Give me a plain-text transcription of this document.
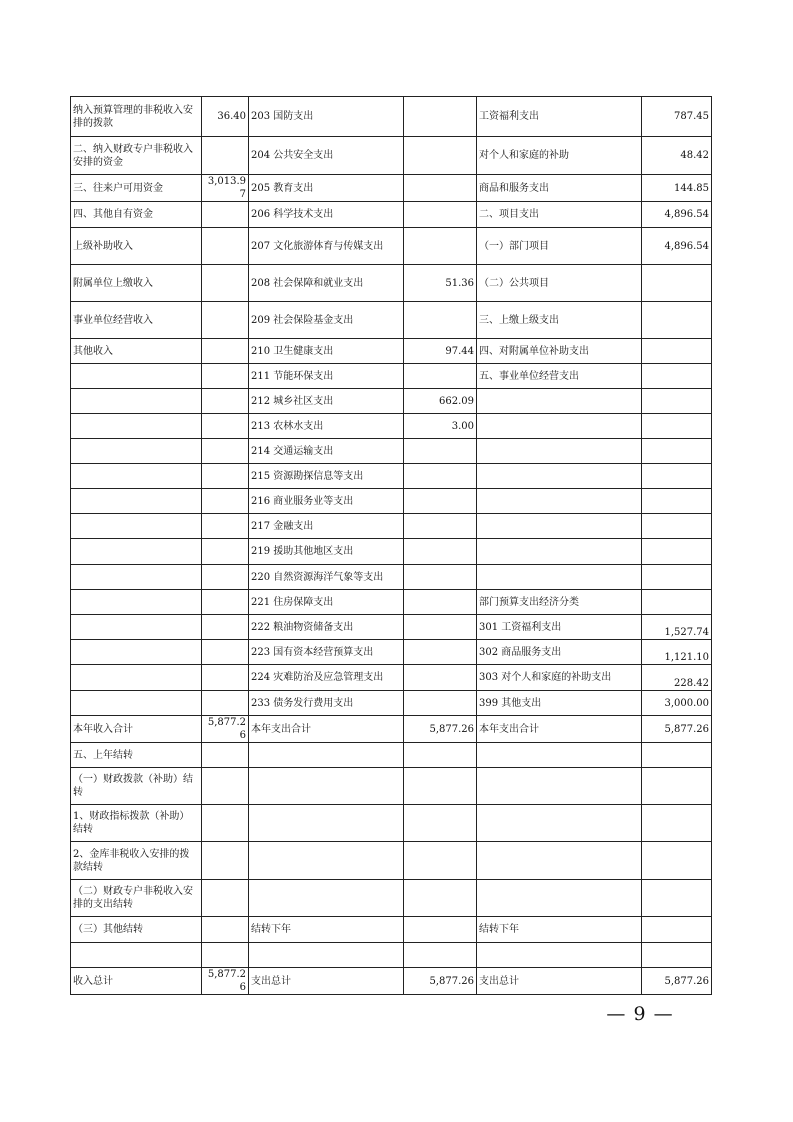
纳入预算管理的非税收入安排的拨款	36.40	203 国防支出		工资福利支出	787.45
二、纳入财政专户非税收入安排的资金		204 公共安全支出		对个人和家庭的补助	48.42
三、往来户可用资金	3,013.97	205 教育支出		商品和服务支出	144.85
四、其他自有资金		206 科学技术支出		二、项目支出	4,896.54
上级补助收入		207 文化旅游体育与传媒支出		（一）部门项目	4,896.54
附属单位上缴收入		208 社会保障和就业支出	51.36	（二）公共项目	
事业单位经营收入		209 社会保险基金支出		三、上缴上级支出	
其他收入		210 卫生健康支出	97.44	四、对附属单位补助支出	
		211 节能环保支出		五、事业单位经营支出	
		212 城乡社区支出	662.09		
		213 农林水支出	3.00		
		214 交通运输支出			
		215 资源勘探信息等支出			
		216 商业服务业等支出			
		217 金融支出			
		219 援助其他地区支出			
		220 自然资源海洋气象等支出			
		221 住房保障支出		部门预算支出经济分类	
		222 粮油物资储备支出		301 工资福利支出	1,527.74
		223 国有资本经营预算支出		302 商品服务支出	1,121.10
		224 灾难防治及应急管理支出		303 对个人和家庭的补助支出	228.42
		233 债务发行费用支出		399 其他支出	3,000.00
本年收入合计	5,877.26	本年支出合计	5,877.26	本年支出合计	5,877.26
五、上年结转					
（一）财政拨款（补助）结转					
1、财政指标拨款（补助）结转					
2、金库非税收入安排的拨款结转					
（二）财政专户非税收入安排的支出结转					
（三）其他结转		结转下年		结转下年	

收入总计	5,877.26	支出总计	5,877.26	支出总计	5,877.26
— 9 —
